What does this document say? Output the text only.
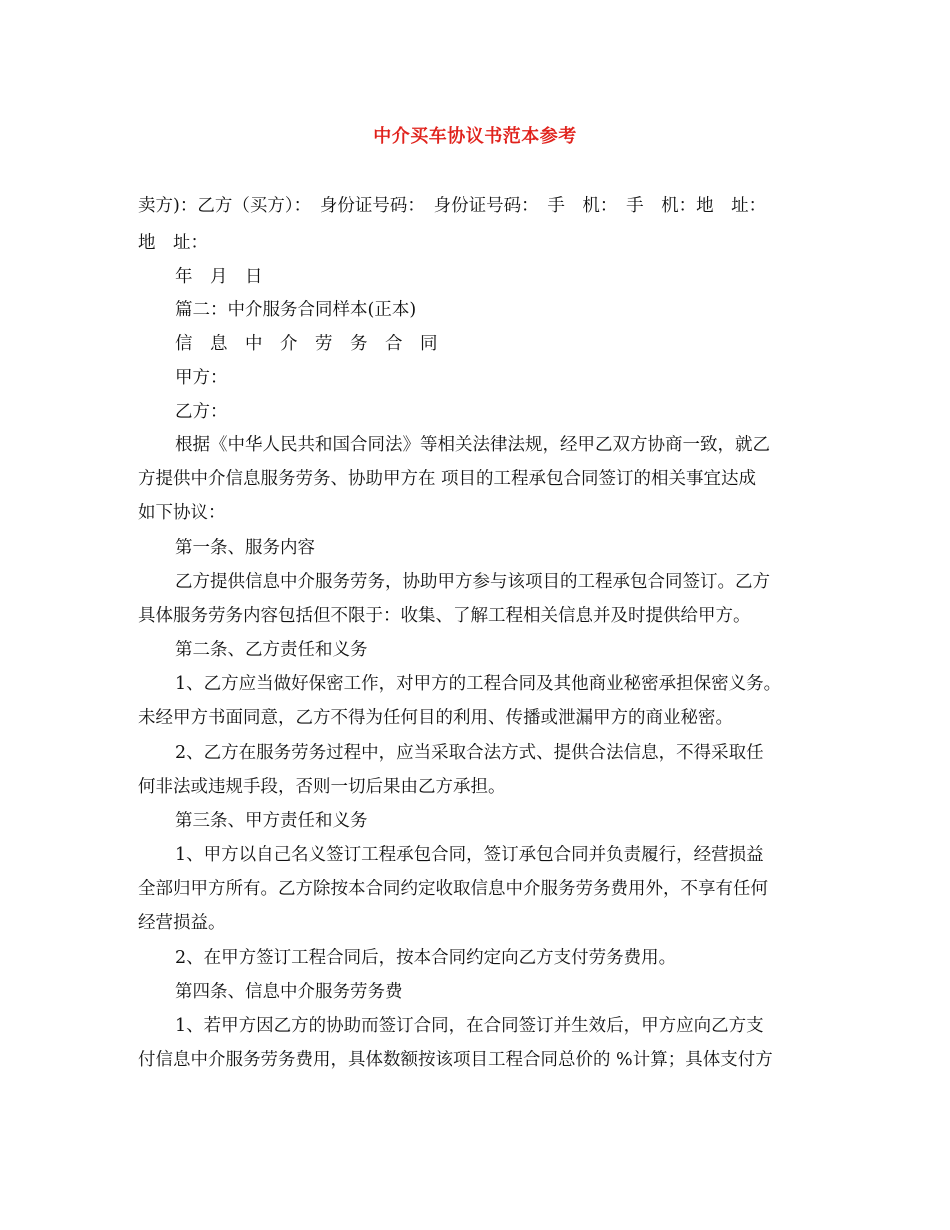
中介买车协议书范本参考
卖方)：乙方（买方）：　身份证号码：　身份证号码：　手　机：　手　机：地　址：
地　址：
年　月　日
篇二：中介服务合同样本(正本)
信　息　中　介　劳　务　合　同
甲方：
乙方：
根据《中华人民共和国合同法》等相关法律法规，经甲乙双方协商一致，就乙
方提供中介信息服务劳务、协助甲方在 项目的工程承包合同签订的相关事宜达成
如下协议：
第一条、服务内容
乙方提供信息中介服务劳务，协助甲方参与该项目的工程承包合同签订。乙方
具体服务劳务内容包括但不限于：收集、了解工程相关信息并及时提供给甲方。
第二条、乙方责任和义务
1、乙方应当做好保密工作，对甲方的工程合同及其他商业秘密承担保密义务。
未经甲方书面同意，乙方不得为任何目的利用、传播或泄漏甲方的商业秘密。
2、乙方在服务劳务过程中，应当采取合法方式、提供合法信息，不得采取任
何非法或违规手段，否则一切后果由乙方承担。
第三条、甲方责任和义务
1、甲方以自己名义签订工程承包合同，签订承包合同并负责履行，经营损益
全部归甲方所有。乙方除按本合同约定收取信息中介服务劳务费用外，不享有任何
经营损益。
2、在甲方签订工程合同后，按本合同约定向乙方支付劳务费用。
第四条、信息中介服务劳务费
1、若甲方因乙方的协助而签订合同，在合同签订并生效后，甲方应向乙方支
付信息中介服务劳务费用，具体数额按该项目工程合同总价的 %计算；具体支付方
